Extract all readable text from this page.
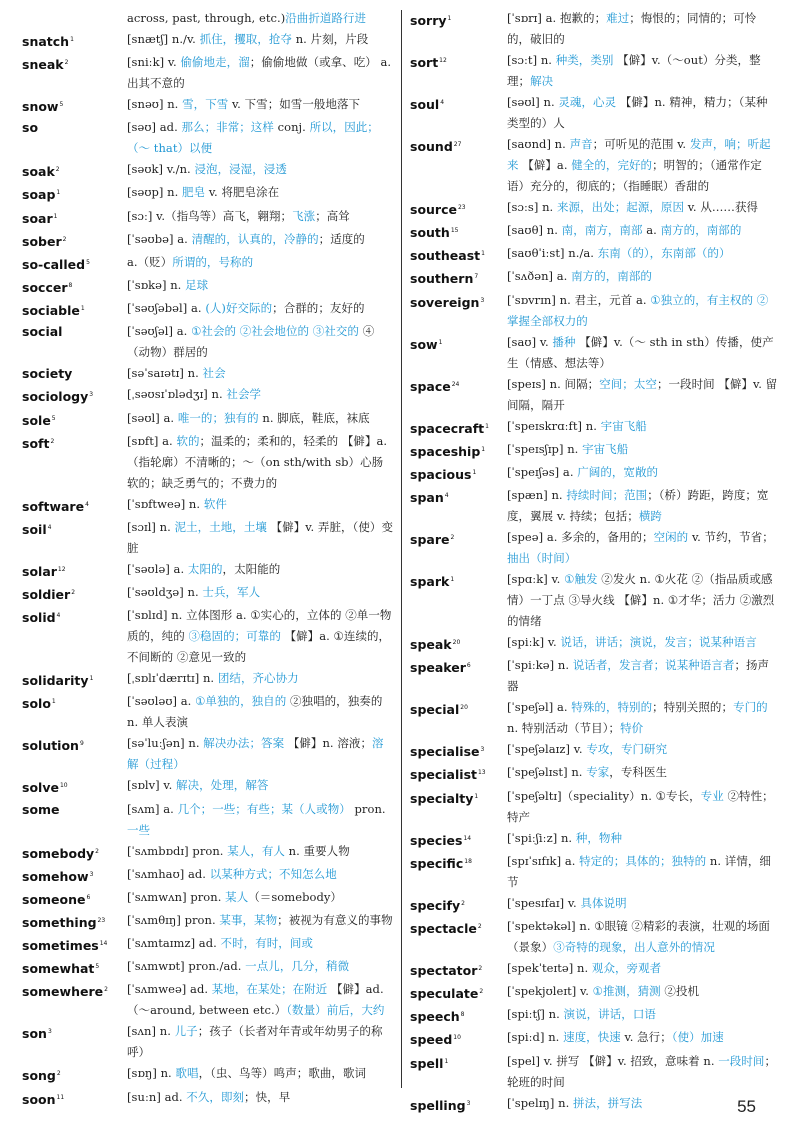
across, past, through, etc.)沿曲折道路行进
snatch$^1$	[snætʃ] n./v. 抓住，攫取，抢夺 n. 片刻，片段
sneak$^2$	[sniːk] v. 偷偷地走，溜；偷偷地做（或拿、吃） a. 出其不意的
snow$^5$	[snəʊ] n. 雪，下雪 v. 下雪；如雪一般地落下
so	[səʊ] ad. 那么；非常；这样 conj. 所以，因此；（～ that）以便
soak$^2$	[səʊk] v./n. 浸泡，浸湿，浸透
soap$^1$	[səʊp] n. 肥皂 v. 将肥皂涂在
soar$^1$	[sɔː] v.（指鸟等）高飞，翱翔；飞涨；高耸
sober$^2$	[ˈsəʊbə] a. 清醒的，认真的，冷静的；适度的
so-called$^5$	a.（贬）所谓的，号称的
soccer$^8$	[ˈsɒkə] n. 足球
sociable$^1$	[ˈsəʊʃəbəl] a. (人)好交际的；合群的；友好的
social	[ˈsəʊʃəl] a. ①社会的 ②社会地位的 ③社交的 ④（动物）群居的
society	[səˈsaɪətɪ] n. 社会
sociology$^3$	[ˌsəʊsɪˈɒlədʒɪ] n. 社会学
sole$^5$	[səʊl] a. 唯一的；独有的 n. 脚底，鞋底，袜底
soft$^2$	[sɒft] a. 软的；温柔的；柔和的，轻柔的 【僻】a.（指轮廓）不清晰的；～（on sth/with sb）心肠软的；缺乏勇气的；不费力的
software$^4$	[ˈsɒftweə] n. 软件
soil$^4$	[sɔɪl] n. 泥土，土地，土壤 【僻】v. 弄脏，（使）变脏
solar$^{12}$	[ˈsəʊlə] a. 太阳的，太阳能的
soldier$^2$	[ˈsəʊldʒə] n. 士兵，军人
solid$^4$	[ˈsɒlɪd] n. 立体图形 a. ①实心的，立体的 ②单一物质的，纯的 ③稳固的；可靠的 【僻】a. ①连续的，不间断的 ②意见一致的
solidarity$^1$	[ˌsɒlɪˈdærɪtɪ] n. 团结，齐心协力
solo$^1$	[ˈsəʊləʊ] a. ①单独的，独自的 ②独唱的，独奏的 n. 单人表演
solution$^9$	[səˈluːʃən] n. 解决办法；答案 【僻】n. 溶液；溶解（过程）
solve$^{10}$	[sɒlv] v. 解决，处理，解答
some	[sʌm] a. 几个；一些；有些；某（人或物） pron. 一些
somebody$^2$	[ˈsʌmbɒdɪ] pron. 某人，有人 n. 重要人物
somehow$^3$	[ˈsʌmhaʊ] ad. 以某种方式；不知怎么地
someone$^6$	[ˈsʌmwʌn] pron. 某人（＝somebody）
something$^{23}$	[ˈsʌmθɪŋ] pron. 某事，某物；被视为有意义的事物
sometimes$^{14}$	[ˈsʌmtaɪmz] ad. 不时，有时，间或
somewhat$^5$	[ˈsʌmwɒt] pron./ad. 一点儿，几分，稍微
somewhere$^2$	[ˈsʌmweə] ad. 某地，在某处；在附近 【僻】ad.（～around, between etc.）（数量）前后，大约
son$^3$	[sʌn] n. 儿子；孩子（长者对年青或年幼男子的称呼）
song$^2$	[sɒŋ] n. 歌唱，（虫、鸟等）鸣声；歌曲，歌词
soon$^{11}$	[suːn] ad. 不久，即刻；快，早
sorry$^1$	[ˈsɒrɪ] a. 抱歉的；难过；悔恨的；同情的；可怜的，破旧的
sort$^{12}$	[sɔːt] n. 种类，类别 【僻】v.（～out）分类，整理；解决
soul$^4$	[səʊl] n. 灵魂，心灵 【僻】n. 精神，精力；（某种类型的）人
sound$^{27}$	[saʊnd] n. 声音；可听见的范围 v. 发声，响；听起来 【僻】a. 健全的，完好的；明智的；（通常作定语）充分的，彻底的；（指睡眠）香甜的
source$^{23}$	[sɔːs] n. 来源，出处；起源，原因 v. 从……获得
south$^{15}$	[saʊθ] n. 南，南方，南部 a. 南方的，南部的
southeast$^1$	[saʊθˈiːst] n./a. 东南（的），东南部（的）
southern$^7$	[ˈsʌðən] a. 南方的，南部的
sovereign$^3$	[ˈsɒvrɪn] n. 君主，元首 a. ①独立的，有主权的 ②掌握全部权力的
sow$^1$	[saʊ] v. 播种 【僻】v.（～ sth in sth）传播，使产生（情感、想法等）
space$^{24}$	[speɪs] n. 间隔；空间；太空；一段时间 【僻】v. 留间隔，隔开
spacecraft$^1$	[ˈspeɪskrɑːft] n. 宇宙飞船
spaceship$^1$	[ˈspeɪsʃɪp] n. 宇宙飞船
spacious$^1$	[ˈspeɪʃəs] a. 广阔的，宽敞的
span$^4$	[spæn] n. 持续时间；范围；（桥）跨距，跨度；宽度，翼展 v. 持续；包括；横跨
spare$^2$	[speə] a. 多余的，备用的；空闲的 v. 节约，节省；抽出（时间）
spark$^1$	[spɑːk] v. ①触发 ②发火 n. ①火花 ②（指品质或感情）一丁点 ③导火线 【僻】n. ①才华；活力 ②激烈的情绪
speak$^{20}$	[spiːk] v. 说话，讲话；演说，发言；说某种语言
speaker$^6$	[ˈspiːkə] n. 说话者，发言者；说某种语言者；扬声器
special$^{20}$	[ˈspeʃəl] a. 特殊的，特别的；特别关照的；专门的 n. 特别活动（节目）；特价
specialise$^3$	[ˈspeʃəlaɪz] v. 专攻，专门研究
specialist$^{13}$	[ˈspeʃəlɪst] n. 专家，专科医生
specialty$^1$	[ˈspeʃəltɪ]（speciality）n. ①专长，专业 ②特性；特产
species$^{14}$	[ˈspiːʃiːz] n. 种，物种
specific$^{18}$	[spɪˈsɪfɪk] a. 特定的；具体的；独特的 n. 详情，细节
specify$^2$	[ˈspesɪfaɪ] v. 具体说明
spectacle$^2$	[ˈspektəkəl] n. ①眼镜 ②精彩的表演，壮观的场面（景象）③奇特的现象，出人意外的情况
spectator$^2$	[spekˈteɪtə] n. 观众，旁观者
speculate$^2$	[ˈspekjʊleɪt] v. ①推测，猜测 ②投机
speech$^8$	[spiːtʃ] n. 演说，讲话，口语
speed$^{10}$	[spiːd] n. 速度，快速 v. 急行；（使）加速
spell$^1$	[spel] v. 拼写 【僻】v. 招致，意味着 n. 一段时间；轮班的时间
spelling$^3$	[ˈspelɪŋ] n. 拼法，拼写法	55
